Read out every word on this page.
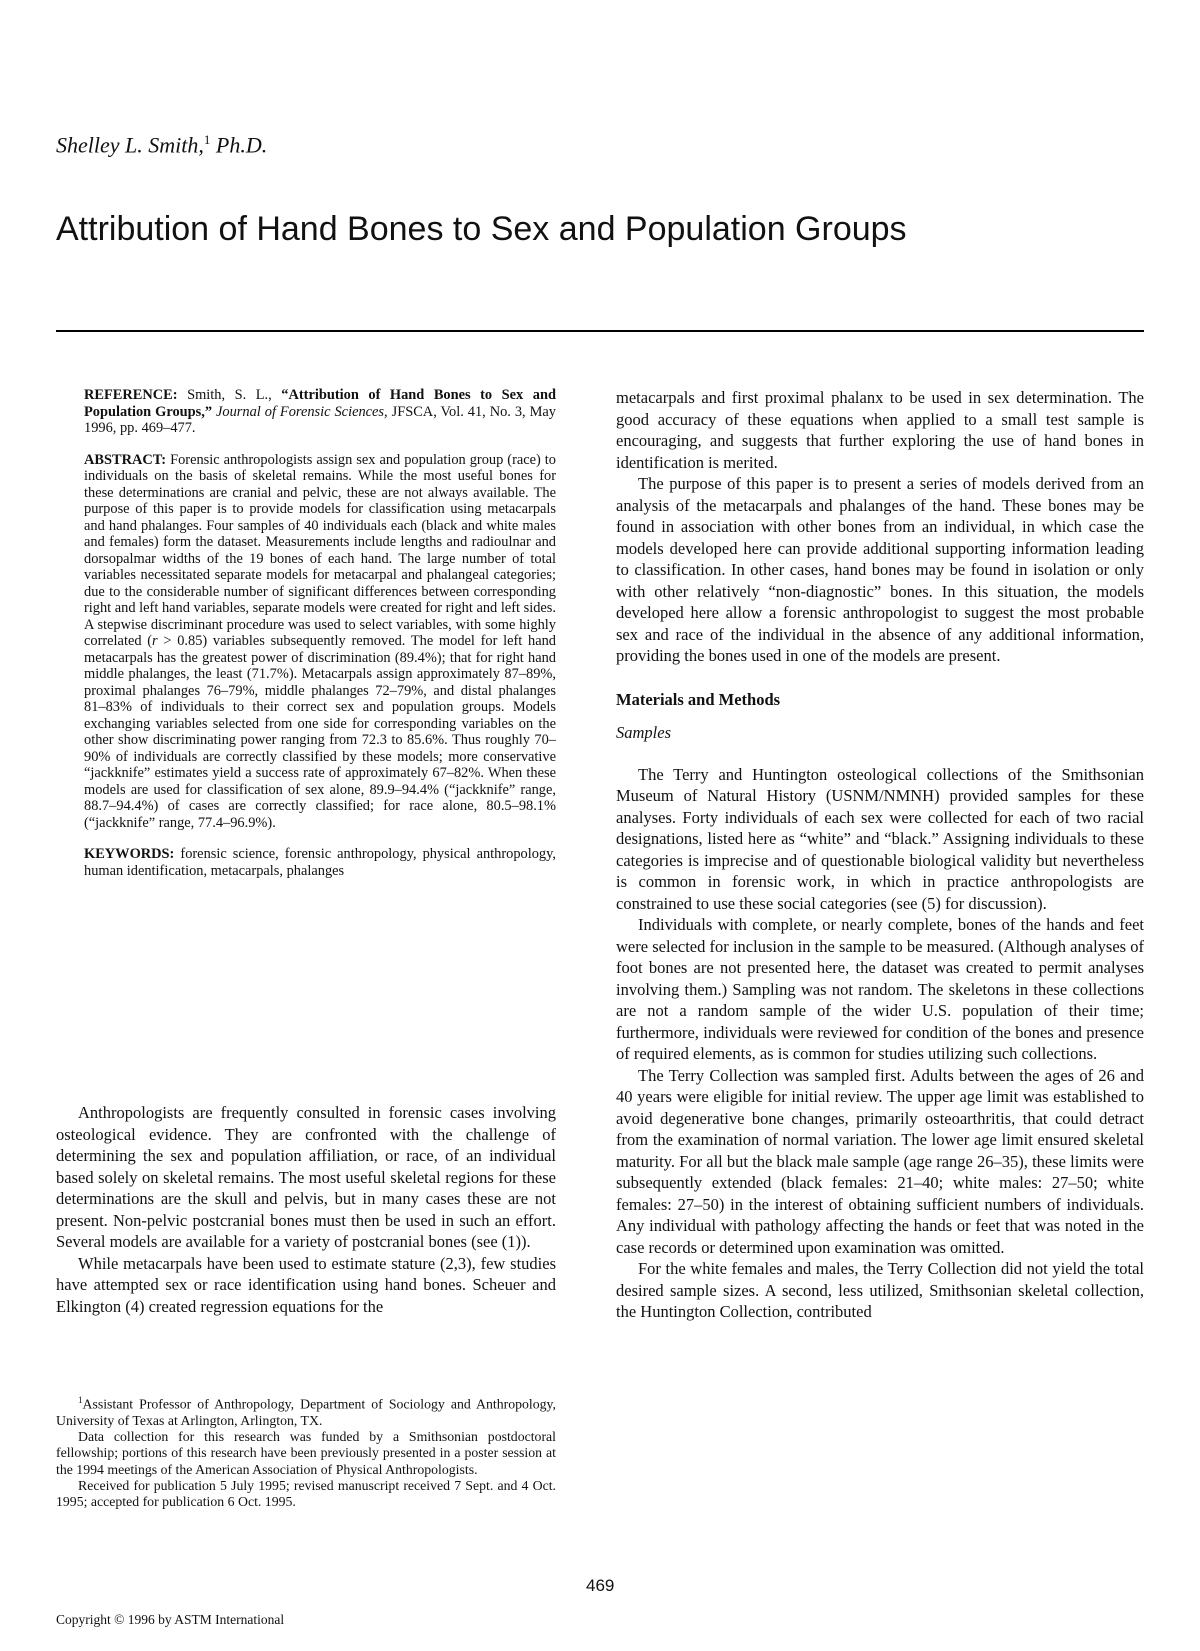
Shelley L. Smith,$^1$ Ph.D.
Attribution of Hand Bones to Sex and Population Groups

REFERENCE: Smith, S. L., “Attribution of Hand Bones to Sex and Population Groups,” Journal of Forensic Sciences, JFSCA, Vol. 41, No. 3, May 1996, pp. 469–477.

ABSTRACT: Forensic anthropologists assign sex and population group (race) to individuals on the basis of skeletal remains. While the most useful bones for these determinations are cranial and pelvic, these are not always available. The purpose of this paper is to provide models for classification using metacarpals and hand phalanges. Four samples of 40 individuals each (black and white males and females) form the dataset. Measurements include lengths and radioulnar and dorsopalmar widths of the 19 bones of each hand. The large number of total variables necessitated separate models for metacarpal and phalangeal categories; due to the considerable number of significant differences between corresponding right and left hand variables, separate models were created for right and left sides. A stepwise discriminant procedure was used to select variables, with some highly correlated (r > 0.85) variables subsequently removed. The model for left hand metacarpals has the greatest power of discrimination (89.4%); that for right hand middle phalanges, the least (71.7%). Metacarpals assign approximately 87–89%, proximal phalanges 76–79%, middle phalanges 72–79%, and distal phalanges 81–83% of individuals to their correct sex and population groups. Models exchanging variables selected from one side for corresponding variables on the other show discriminating power ranging from 72.3 to 85.6%. Thus roughly 70–90% of individuals are correctly classified by these models; more conservative “jackknife” estimates yield a success rate of approximately 67–82%. When these models are used for classification of sex alone, 89.9–94.4% (“jackknife” range, 88.7–94.4%) of cases are correctly classified; for race alone, 80.5–98.1% (“jackknife” range, 77.4–96.9%).

KEYWORDS: forensic science, forensic anthropology, physical anthropology, human identification, metacarpals, phalanges

Anthropologists are frequently consulted in forensic cases involving osteological evidence. They are confronted with the challenge of determining the sex and population affiliation, or race, of an individual based solely on skeletal remains. The most useful skeletal regions for these determinations are the skull and pelvis, but in many cases these are not present. Non-pelvic postcranial bones must then be used in such an effort. Several models are available for a variety of postcranial bones (see (1)).

While metacarpals have been used to estimate stature (2,3), few studies have attempted sex or race identification using hand bones. Scheuer and Elkington (4) created regression equations for the

$^1$Assistant Professor of Anthropology, Department of Sociology and Anthropology, University of Texas at Arlington, Arlington, TX.

Data collection for this research was funded by a Smithsonian postdoctoral fellowship; portions of this research have been previously presented in a poster session at the 1994 meetings of the American Association of Physical Anthropologists.

Received for publication 5 July 1995; revised manuscript received 7 Sept. and 4 Oct. 1995; accepted for publication 6 Oct. 1995.

metacarpals and first proximal phalanx to be used in sex determination. The good accuracy of these equations when applied to a small test sample is encouraging, and suggests that further exploring the use of hand bones in identification is merited.

The purpose of this paper is to present a series of models derived from an analysis of the metacarpals and phalanges of the hand. These bones may be found in association with other bones from an individual, in which case the models developed here can provide additional supporting information leading to classification. In other cases, hand bones may be found in isolation or only with other relatively “non-diagnostic” bones. In this situation, the models developed here allow a forensic anthropologist to suggest the most probable sex and race of the individual in the absence of any additional information, providing the bones used in one of the models are present.

Materials and Methods
Samples

The Terry and Huntington osteological collections of the Smithsonian Museum of Natural History (USNM/NMNH) provided samples for these analyses. Forty individuals of each sex were collected for each of two racial designations, listed here as “white” and “black.” Assigning individuals to these categories is imprecise and of questionable biological validity but nevertheless is common in forensic work, in which in practice anthropologists are constrained to use these social categories (see (5) for discussion).

Individuals with complete, or nearly complete, bones of the hands and feet were selected for inclusion in the sample to be measured. (Although analyses of foot bones are not presented here, the dataset was created to permit analyses involving them.) Sampling was not random. The skeletons in these collections are not a random sample of the wider U.S. population of their time; furthermore, individuals were reviewed for condition of the bones and presence of required elements, as is common for studies utilizing such collections.

The Terry Collection was sampled first. Adults between the ages of 26 and 40 years were eligible for initial review. The upper age limit was established to avoid degenerative bone changes, primarily osteoarthritis, that could detract from the examination of normal variation. The lower age limit ensured skeletal maturity. For all but the black male sample (age range 26–35), these limits were subsequently extended (black females: 21–40; white males: 27–50; white females: 27–50) in the interest of obtaining sufficient numbers of individuals. Any individual with pathology affecting the hands or feet that was noted in the case records or determined upon examination was omitted.

For the white females and males, the Terry Collection did not yield the total desired sample sizes. A second, less utilized, Smithsonian skeletal collection, the Huntington Collection, contributed

469
Copyright © 1996 by ASTM International
